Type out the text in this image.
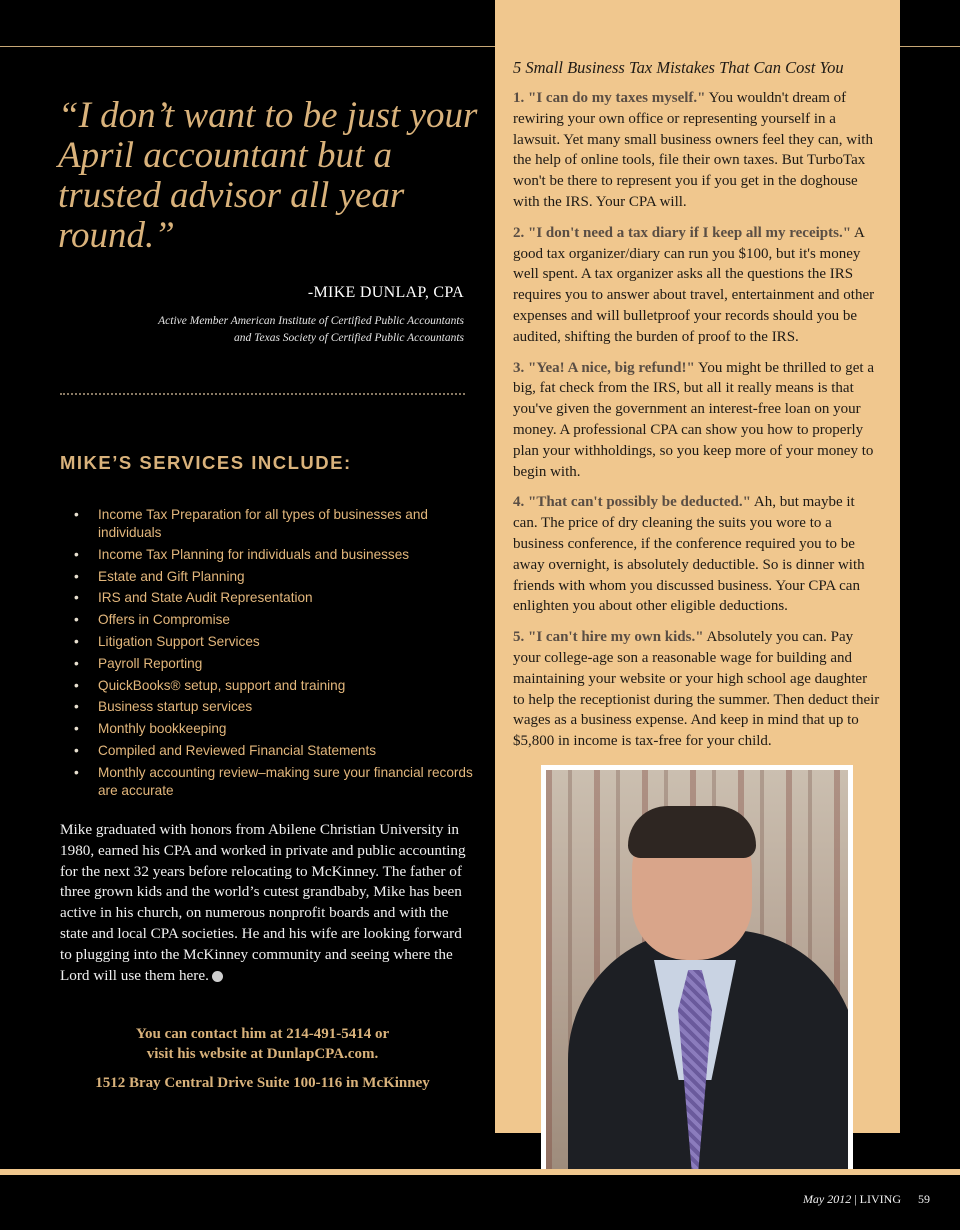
“I don’t want to be just your April accountant but a trusted advisor all year round.”

-MIKE DUNLAP, CPA

Active Member American Institute of Certified Public Accountants
and Texas Society of Certified Public Accountants

MIKE’S SERVICES INCLUDE:
• Income Tax Preparation for all types of businesses and individuals
• Income Tax Planning for individuals and businesses
• Estate and Gift Planning
• IRS and State Audit Representation
• Offers in Compromise
• Litigation Support Services
• Payroll Reporting
• QuickBooks® setup, support and training
• Business startup services
• Monthly bookkeeping
• Compiled and Reviewed Financial Statements
• Monthly accounting review–making sure your financial records are accurate

Mike graduated with honors from Abilene Christian University in 1980, earned his CPA and worked in private and public accounting for the next 32 years before relocating to McKinney. The father of three grown kids and the world’s cutest grandbaby, Mike has been active in his church, on numerous nonprofit boards and with the state and local CPA societies. He and his wife are looking forward to plugging into the McKinney community and seeing where the Lord will use them here.

You can contact him at 214-491-5414 or
visit his website at DunlapCPA.com.

1512 Bray Central Drive Suite 100-116 in McKinney

5 Small Business Tax Mistakes That Can Cost You

1. "I can do my taxes myself." You wouldn't dream of rewiring your own office or representing yourself in a lawsuit. Yet many small business owners feel they can, with the help of online tools, file their own taxes. But TurboTax won't be there to represent you if you get in the doghouse with the IRS. Your CPA will.

2. "I don't need a tax diary if I keep all my receipts." A good tax organizer/diary can run you $100, but it's money well spent. A tax organizer asks all the questions the IRS requires you to answer about travel, entertainment and other expenses and will bulletproof your records should you be audited, shifting the burden of proof to the IRS.

3. "Yea! A nice, big refund!" You might be thrilled to get a big, fat check from the IRS, but all it really means is that you've given the government an interest-free loan on your money. A professional CPA can show you how to properly plan your withholdings, so you keep more of your money to begin with.

4. "That can't possibly be deducted." Ah, but maybe it can. The price of dry cleaning the suits you wore to a business conference, if the conference required you to be away overnight, is absolutely deductible. So is dinner with friends with whom you discussed business. Your CPA can enlighten you about other eligible deductions.

5. "I can't hire my own kids." Absolutely you can. Pay your college-age son a reasonable wage for building and maintaining your website or your high school age daughter to help the receptionist during the summer. Then deduct their wages as a business expense. And keep in mind that up to $5,800 in income is tax-free for your child.

May 2012 | LIVING 59
